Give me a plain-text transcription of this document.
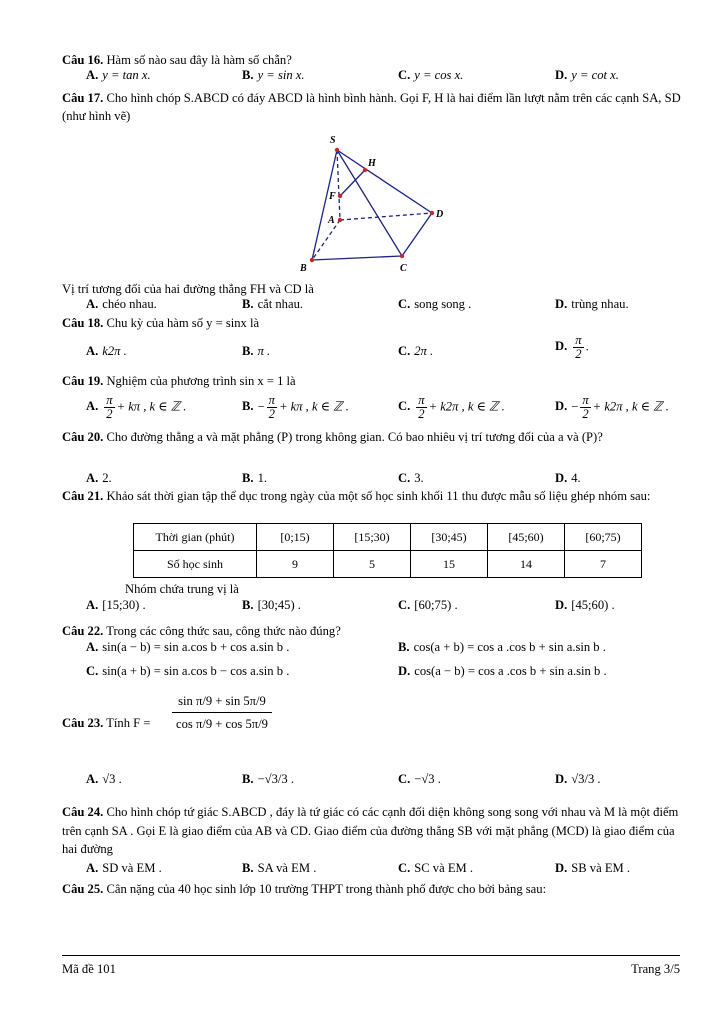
Câu 16. Hàm số nào sau đây là hàm số chẵn?
A. y = tan x.	B. y = sin x.	C. y = cos x.	D. y = cot x.
Câu 17. Cho hình chóp S.ABCD có đáy ABCD là hình bình hành. Gọi F, H là hai điểm lần lượt nằm trên các cạnh SA, SD (như hình vẽ)
S
H
F
A
D
B	C
Vị trí tương đối của hai đường thẳng FH và CD là
A. chéo nhau.	B. cắt nhau.	C. song song .	D. trùng nhau.
Câu 18. Chu kỳ của hàm số y = sinx là
A. k2π .	B. π .	C. 2π .	D. $\frac{\pi}{2}$ .
Câu 19. Nghiệm của phương trình sin x = 1 là
A. $\frac{\pi}{2} + k\pi$ , k ∈ ℤ .	B. − $\frac{\pi}{2} + k\pi$ , k ∈ ℤ .	C. $\frac{\pi}{2} + k2\pi$ , k ∈ ℤ .	D. − $\frac{\pi}{2} + k2\pi$ , k ∈ ℤ .
Câu 20. Cho đường thẳng a và mặt phẳng (P) trong không gian. Có bao nhiêu vị trí tương đối của a và (P)?
A. 2.	B. 1.	C. 3.	D. 4.
Câu 21. Khảo sát thời gian tập thể dục trong ngày của một số học sinh khối 11 thu được mẫu số liệu ghép nhóm sau:
Thời gian (phút)	[0;15)	[15;30)	[30;45)	[45;60)	[60;75)
Số học sinh	9	5	15	14	7
Nhóm chứa trung vị là
A. [15;30) .	B. [30;45) .	C. [60;75) .	D. [45;60) .
Câu 22. Trong các công thức sau, công thức nào đúng?
A. sin(a − b) = sin a.cos b + cos a.sin b .	B. cos(a + b) = cos a .cos b + sin a.sin b .
C. sin(a + b) = sin a.cos b − cos a.sin b .	D. cos(a − b) = cos a .cos b + sin a.sin b .
Câu 23. Tính $F = \frac{\text{sin π/9 + sin 5π/9}}{\text{cos π/9 + cos 5π/9}}$
A. √3 .	B. −√3/3 .	C. −√3 .	D. √3/3 .
Câu 24. Cho hình chóp tứ giác S.ABCD , đáy là tứ giác có các cạnh đối diện không song song với nhau và M là một điểm trên cạnh SA . Gọi E là giao điểm của AB và CD. Giao điểm của đường thẳng SB với mặt phẳng (MCD) là giao điểm của hai đường
A. SD và EM .	B. SA và EM .	C. SC và EM .	D. SB và EM .
Câu 25. Cân nặng của 40 học sinh lớp 10 trường THPT trong thành phố được cho bởi bảng sau:
Mã đề 101	Trang 3/5
